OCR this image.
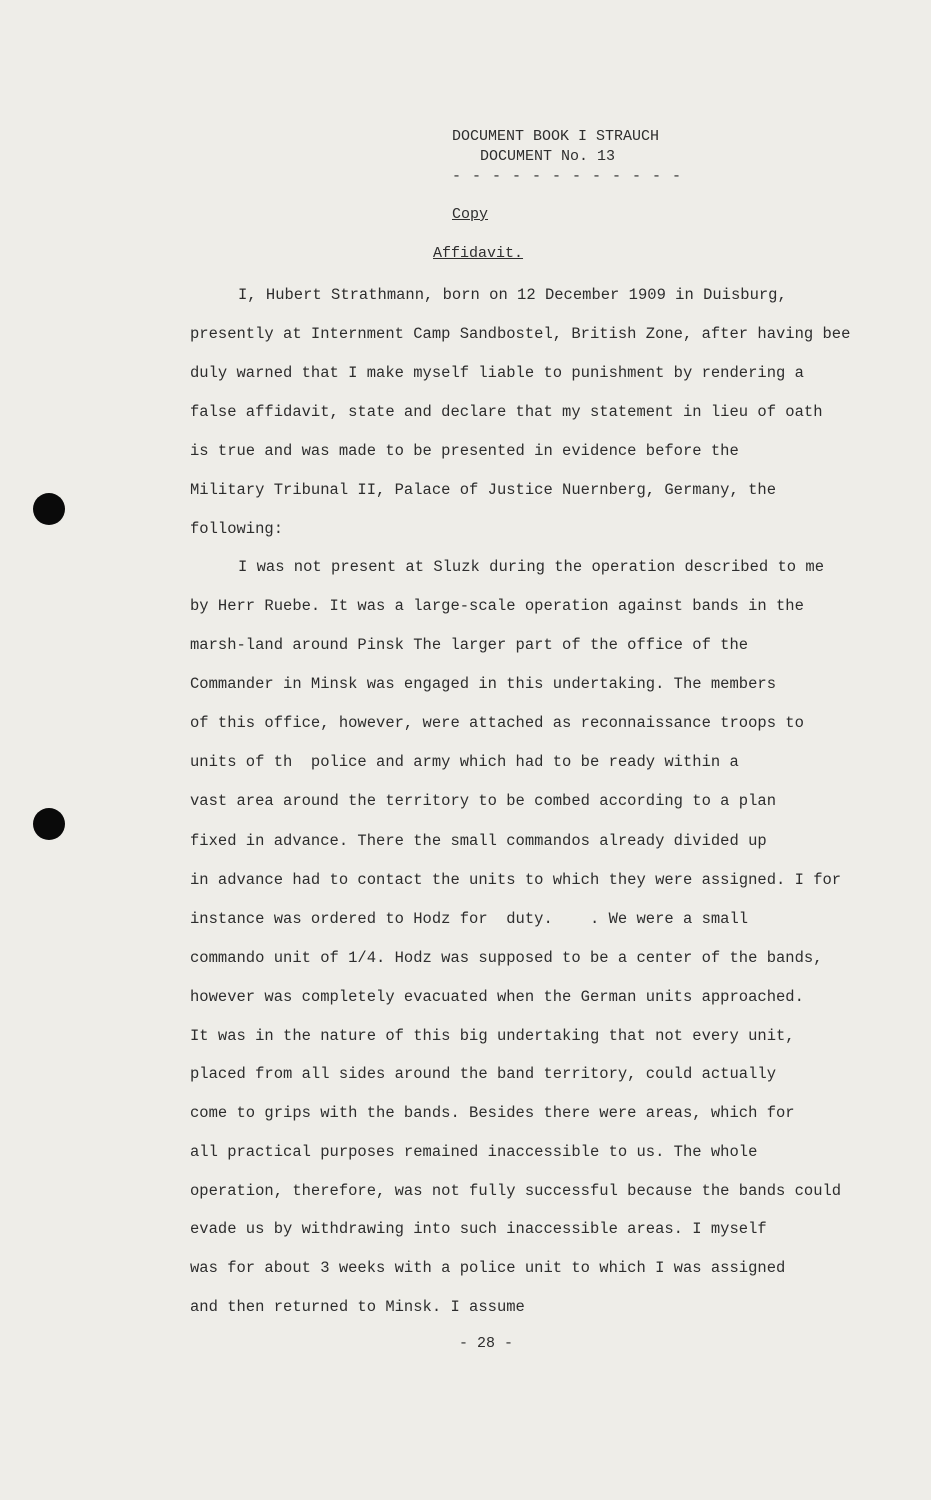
DOCUMENT BOOK I STRAUCH
DOCUMENT No. 13
- - - - - - - - - - - -
Copy
Affidavit.
I, Hubert Strathmann, born on 12 December 1909 in Duisburg,
presently at Internment Camp Sandbostel, British Zone, after having bee
duly warned that I make myself liable to punishment by rendering a
false affidavit, state and declare that my statement in lieu of oath
is true and was made to be presented in evidence before the
Military Tribunal II, Palace of Justice Nuernberg, Germany, the
following:
I was not present at Sluzk during the operation described to me
by Herr Ruebe. It was a large-scale operation against bands in the
marsh-land around Pinsk The larger part of the office of the
Commander in Minsk was engaged in this undertaking. The members
of this office, however, were attached as reconnaissance troops to
units of th  police and army which had to be ready within a
vast area around the territory to be combed according to a plan
fixed in advance. There the small commandos already divided up
in advance had to contact the units to which they were assigned. I for
instance was ordered to Hodz for  duty.    . We were a small
commando unit of 1/4. Hodz was supposed to be a center of the bands,
however was completely evacuated when the German units approached.
It was in the nature of this big undertaking that not every unit,
placed from all sides around the band territory, could actually
come to grips with the bands. Besides there were areas, which for
all practical purposes remained inaccessible to us. The whole
operation, therefore, was not fully successful because the bands could
evade us by withdrawing into such inaccessible areas. I myself
was for about 3 weeks with a police unit to which I was assigned
and then returned to Minsk. I assume
- 28 -
